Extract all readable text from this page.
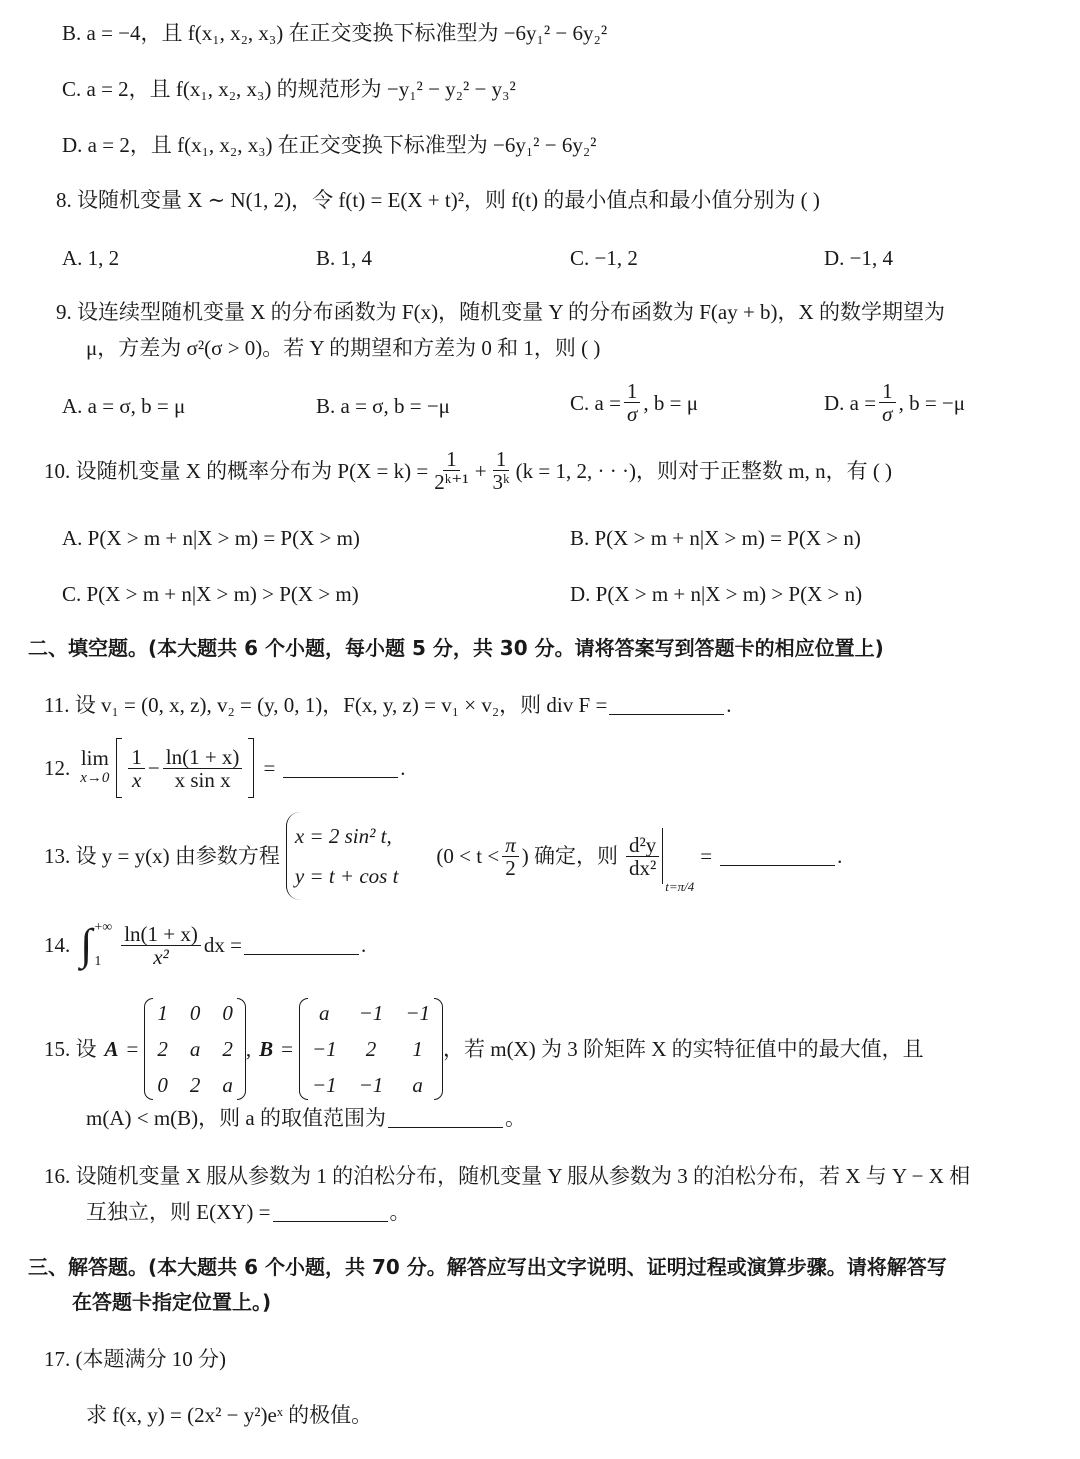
B. a = −4，且 f(x₁, x₂, x₃) 在正交变换下标准型为 −6y₁² − 6y₂²
C. a = 2，且 f(x₁, x₂, x₃) 的规范形为 −y₁² − y₂² − y₃²
D. a = 2，且 f(x₁, x₂, x₃) 在正交变换下标准型为 −6y₁² − 6y₂²
8. 设随机变量 X ∼ N(1, 2)，令 f(t) = E(X + t)²，则 f(t) 的最小值点和最小值分别为 ( )
A. 1, 2	B. 1, 4	C. −1, 2	D. −1, 4
9. 设连续型随机变量 X 的分布函数为 F(x)，随机变量 Y 的分布函数为 F(ay + b)，X 的数学期望为
μ，方差为 σ²(σ > 0)。若 Y 的期望和方差为 0 和 1，则 ( )
A. a = σ, b = μ	B. a = σ, b = −μ	C. $a = \frac{1}{\sigma}$ , b = μ	D. $a = \frac{1}{\sigma}$ , b = −μ
10. 设随机变量 X 的概率分布为 $P(X = k) = \frac{1}{\text{2ᵏ⁺¹}} + \frac{1}{\text{3ᵏ}} (k = 1$, 2, · · ·)，则对于正整数 m, n，有 ( )
A. P(X > m + n|X > m) = P(X > m)	B. P(X > m + n|X > m) = P(X > n)
C. P(X > m + n|X > m) > P(X > m)	D. P(X > m + n|X > m) > P(X > n)
二、填空题。(本大题共 6 个小题，每小题 5 分，共 30 分。请将答案写到答题卡的相应位置上)
11. 设 v₁ = (0, x, z), v₂ = (y, 0, 1)，F(x, y, z) = v₁ × v₂，则 div F =	.
12. lim
$x\to 0 \frac{1}{x} - \frac{\ln(1 + x)}{\text{x sin x}}$ =	.
13. 设 y = y(x) 由参数方程
x = 2 sin² t,
y = t + cos t
($0 < t < \frac{\pi}{2}$ ) 确定，则 $\frac{\text{d²y}}{\text{dx²}}$
t=π/4
=	.
14. ∫ +∞
$1 \frac{\ln(1 + x)}{\text{x²}}$ dx =	.
15. 设 A =
1 0 0
2 a 2
0 2 a
, B =
a	−1 −1
−1	2	1
−1 −1	a
，若 m(X) 为 3 阶矩阵 X 的实特征值中的最大值，且
m(A) < m(B)，则 a 的取值范围为	。
16. 设随机变量 X 服从参数为 1 的泊松分布，随机变量 Y 服从参数为 3 的泊松分布，若 X 与 Y − X 相
互独立，则 E(XY) =	。
三、解答题。(本大题共 6 个小题，共 70 分。解答应写出文字说明、证明过程或演算步骤。请将解答写
在答题卡指定位置上。)
17. (本题满分 10 分)
求 f(x, y) = (2x² − y²)eˣ 的极值。
